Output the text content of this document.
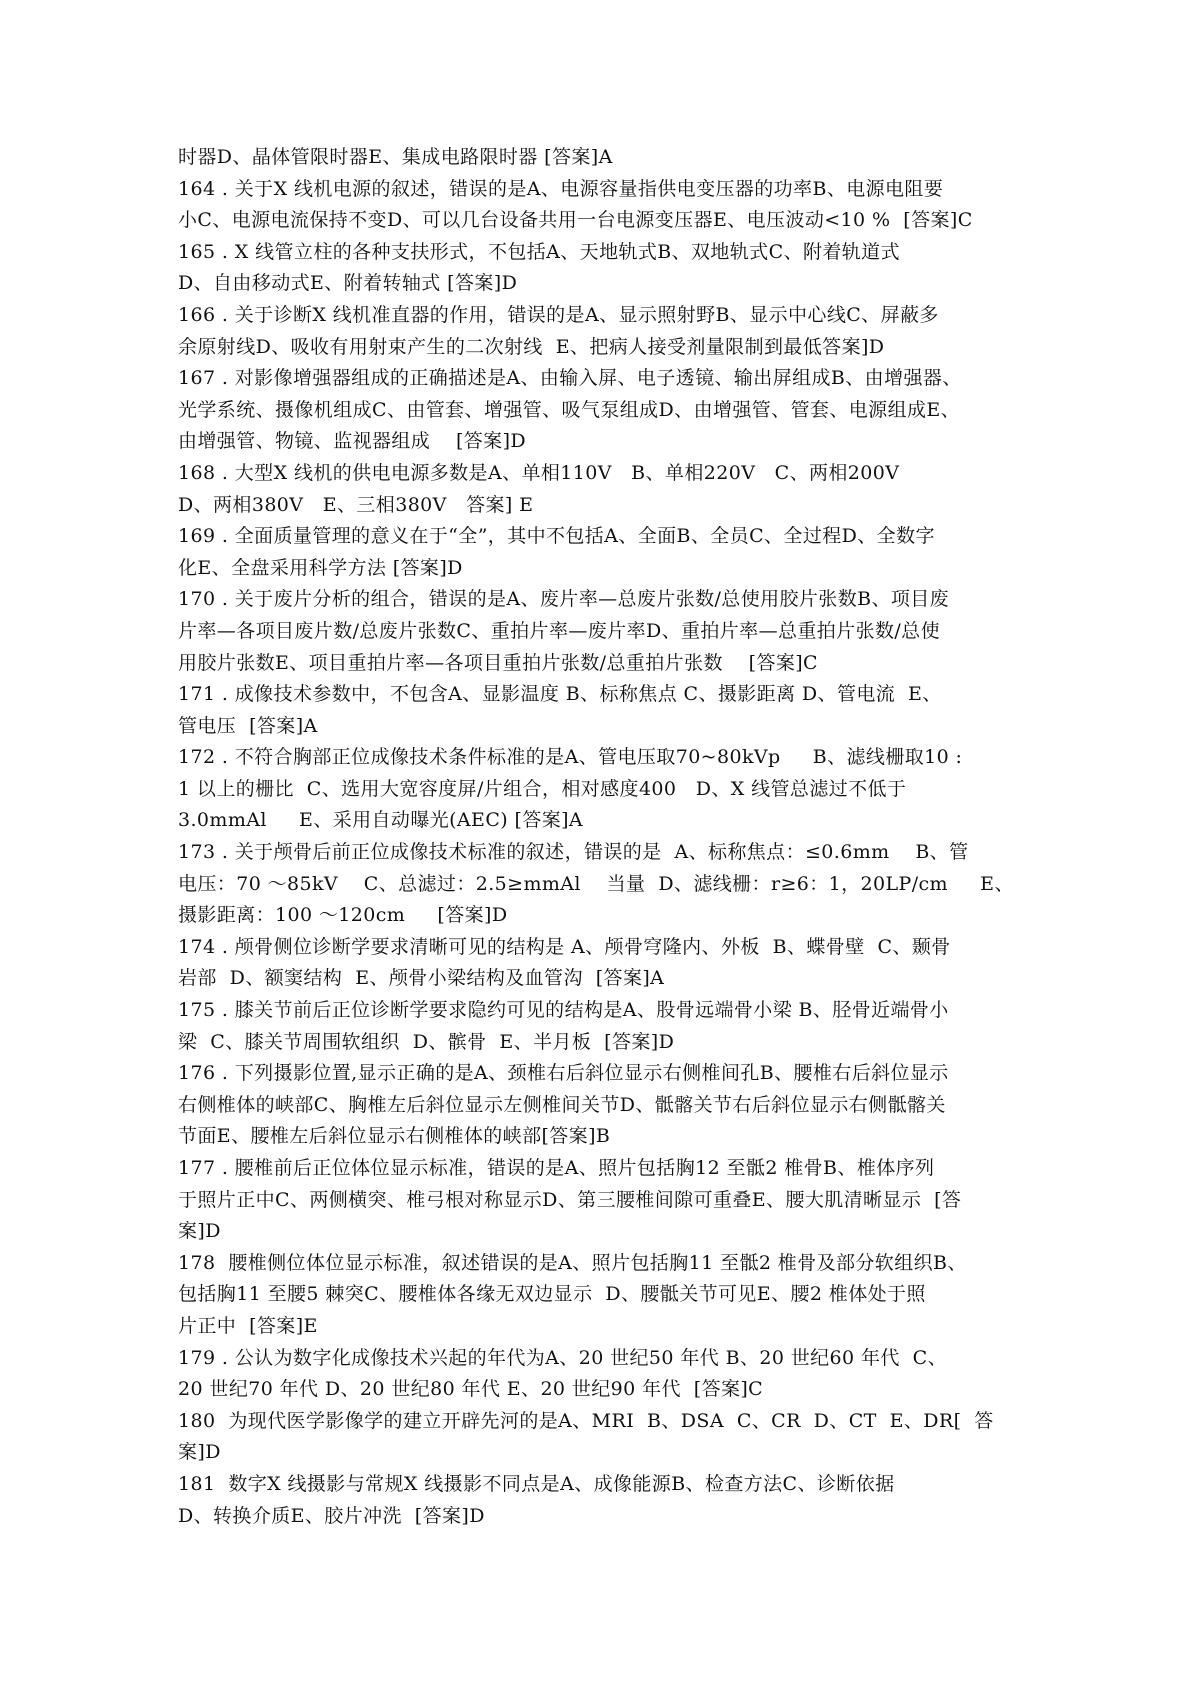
时器D、晶体管限时器E、集成电路限时器 [答案]A
164 . 关于X 线机电源的叙述，错误的是A、电源容量指供电变压器的功率B、电源电阻要
小C、电源电流保持不变D、可以几台设备共用一台电源变压器E、电压波动<10 %  [答案]C
165 . X 线管立柱的各种支扶形式，不包括A、天地轨式B、双地轨式C、附着轨道式
D、自由移动式E、附着转轴式 [答案]D
166 . 关于诊断X 线机准直器的作用，错误的是A、显示照射野B、显示中心线C、屏蔽多
余原射线D、吸收有用射束产生的二次射线  E、把病人接受剂量限制到最低答案]D
167 . 对影像增强器组成的正确描述是A、由输入屏、电子透镜、输出屏组成B、由增强器、
光学系统、摄像机组成C、由管套、增强管、吸气泵组成D、由增强管、管套、电源组成E、
由增强管、物镜、监视器组成    [答案]D
168 . 大型X 线机的供电电源多数是A、单相110V   B、单相220V   C、两相200V
D、两相380V   E、三相380V   答案] E
169 . 全面质量管理的意义在于“全”，其中不包括A、全面B、全员C、全过程D、全数字
化E、全盘采用科学方法 [答案]D
170 . 关于废片分析的组合，错误的是A、废片率—总废片张数/总使用胶片张数B、项目废
片率—各项目废片数/总废片张数C、重拍片率—废片率D、重拍片率—总重拍片张数/总使
用胶片张数E、项目重拍片率—各项目重拍片张数/总重拍片张数    [答案]C
171 . 成像技术参数中，不包含A、显影温度 B、标称焦点 C、摄影距离 D、管电流  E、
管电压  [答案]A
172 . 不符合胸部正位成像技术条件标准的是A、管电压取70~80kVp     B、滤线栅取10 :
1 以上的栅比  C、选用大宽容度屏/片组合，相对感度400   D、X 线管总滤过不低于
3.0mmAl     E、采用自动曝光(AEC) [答案]A
173 . 关于颅骨后前正位成像技术标准的叙述，错误的是  A、标称焦点：≤0.6mm    B、管
电压：70 ～85kV    C、总滤过：2.5≥mmAl    当量  D、滤线栅：r≥6：1，20LP/cm     E、
摄影距离：100 ～120cm     [答案]D
174 . 颅骨侧位诊断学要求清晰可见的结构是 A、颅骨穹隆内、外板  B、蝶骨壁  C、颞骨
岩部  D、额窦结构  E、颅骨小梁结构及血管沟  [答案]A
175 . 膝关节前后正位诊断学要求隐约可见的结构是A、股骨远端骨小梁 B、胫骨近端骨小
梁  C、膝关节周围软组织  D、髌骨  E、半月板  [答案]D
176 . 下列摄影位置,显示正确的是A、颈椎右后斜位显示右侧椎间孔B、腰椎右后斜位显示
右侧椎体的峡部C、胸椎左后斜位显示左侧椎间关节D、骶髂关节右后斜位显示右侧骶髂关
节面E、腰椎左后斜位显示右侧椎体的峡部[答案]B
177 . 腰椎前后正位体位显示标准，错误的是A、照片包括胸12 至骶2 椎骨B、椎体序列
于照片正中C、两侧横突、椎弓根对称显示D、第三腰椎间隙可重叠E、腰大肌清晰显示  [答
案]D
178  腰椎侧位体位显示标准，叙述错误的是A、照片包括胸11 至骶2 椎骨及部分软组织B、
包括胸11 至腰5 棘突C、腰椎体各缘无双边显示  D、腰骶关节可见E、腰2 椎体处于照
片正中  [答案]E
179 . 公认为数字化成像技术兴起的年代为A、20 世纪50 年代 B、20 世纪60 年代  C、
20 世纪70 年代 D、20 世纪80 年代 E、20 世纪90 年代  [答案]C
180  为现代医学影像学的建立开辟先河的是A、MRI  B、DSA  C、CR  D、CT  E、DR[  答
案]D
181  数字X 线摄影与常规X 线摄影不同点是A、成像能源B、检查方法C、诊断依据
D、转换介质E、胶片冲洗  [答案]D
